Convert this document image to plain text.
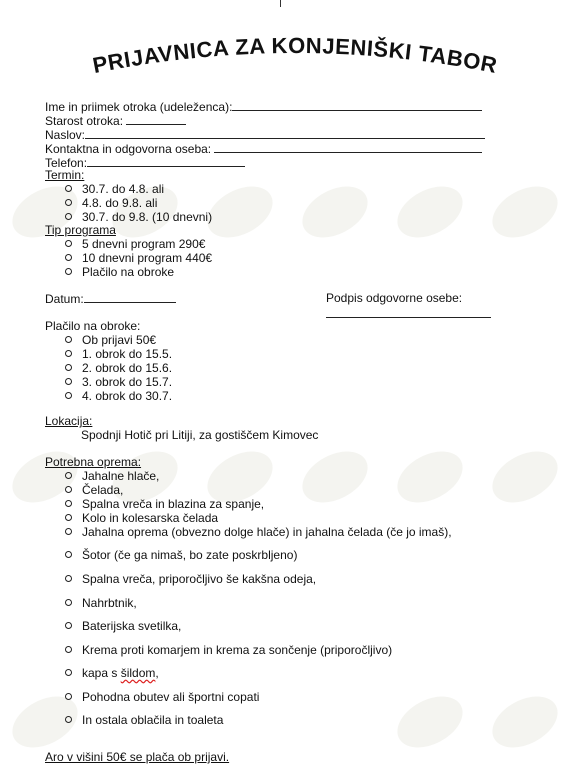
PRIJAVNICA ZA KONJENIŠKI TABOR
Ime in priimek otroka (udeleženca):
Starost otroka:
Naslov:
Kontaktna in odgovorna oseba:
Telefon:
Termin:
30.7. do 4.8. ali
4.8. do 9.8. ali
30.7. do 9.8. (10 dnevni)
Tip programa
5 dnevni program 290€
10 dnevni program 440€
Plačilo na obroke
Datum:	Podpis odgovorne osebe:
Plačilo na obroke:
Ob prijavi 50€
1. obrok do 15.5.
2. obrok do 15.6.
3. obrok do 15.7.
4. obrok do 30.7.
Lokacija:
Spodnji Hotič pri Litiji, za gostiščem Kimovec
Potrebna oprema:
Jahalne hlače,
Čelada,
Spalna vreča in blazina za spanje,
Kolo in kolesarska čelada
Jahalna oprema (obvezno dolge hlače) in jahalna čelada (če jo imaš),
Šotor (če ga nimaš, bo zate poskrbljeno)
Spalna vreča, priporočljivo še kakšna odeja,
Nahrbtnik,
Baterijska svetilka,
Krema proti komarjem in krema za sončenje (priporočljivo)
kapa s šildom,
Pohodna obutev ali športni copati
In ostala oblačila in toaleta
Aro v višini 50€ se plača ob prijavi.
